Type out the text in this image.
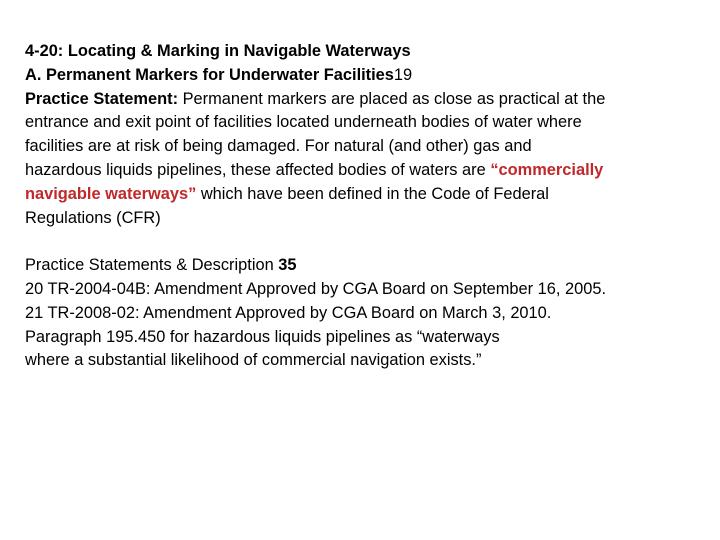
4-20: Locating & Marking in Navigable Waterways
A. Permanent Markers for Underwater Facilities19
Practice Statement: Permanent markers are placed as close as practical at the
entrance and exit point of facilities located underneath bodies of water where
facilities are at risk of being damaged. For natural (and other) gas and
hazardous liquids pipelines, these affected bodies of waters are “commercially
navigable waterways” which have been defined in the Code of Federal
Regulations (CFR)
Practice Statements & Description 35
20 TR-2004-04B: Amendment Approved by CGA Board on September 16, 2005.
21 TR-2008-02: Amendment Approved by CGA Board on March 3, 2010.
Paragraph 195.450 for hazardous liquids pipelines as “waterways
where a substantial likelihood of commercial navigation exists.”
